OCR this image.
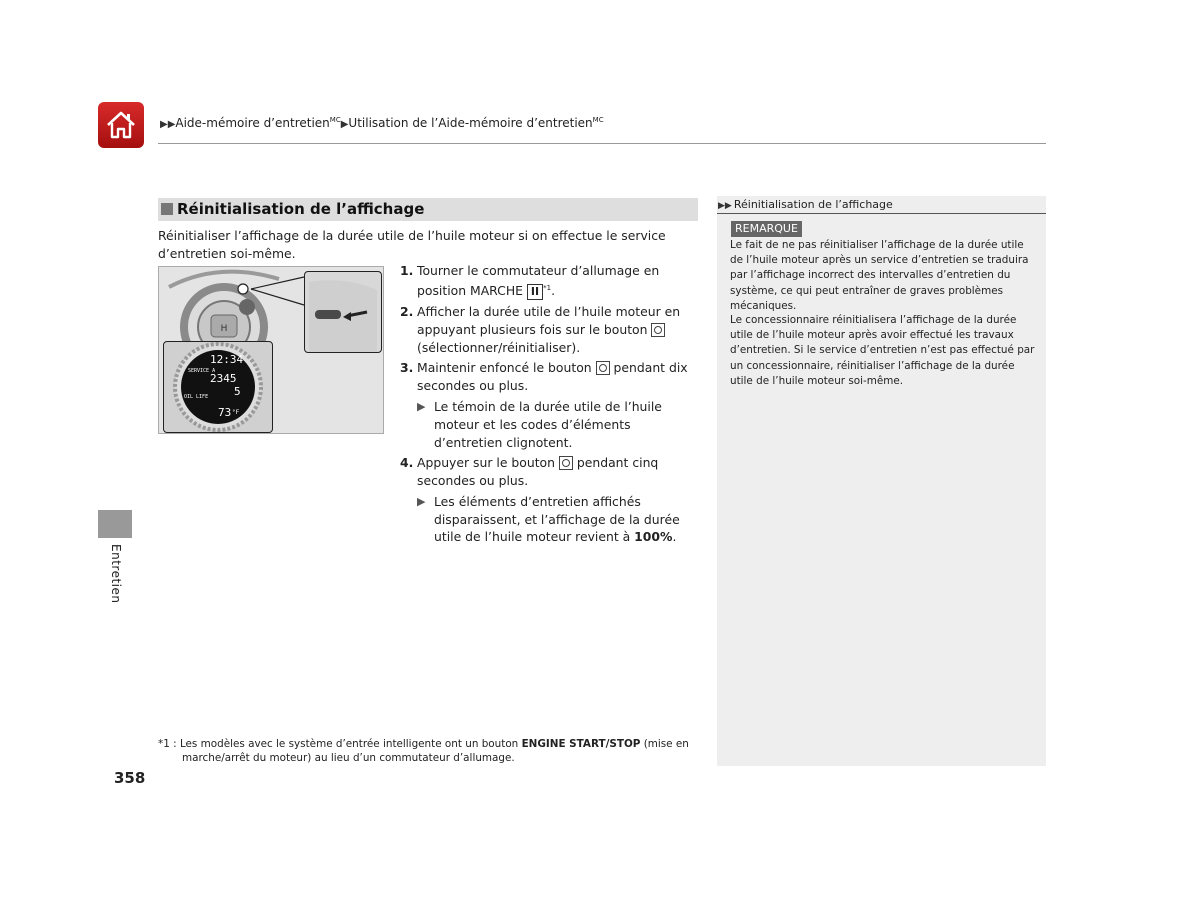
▶▶Aide-mémoire d’entretien$^{MC}$▶Utilisation de l’Aide-mémoire d’entretien$^{MC}$
Entretien
Réinitialisation de l’affichage
Réinitialiser l’affichage de la durée utile de l’huile moteur si on effectue le service d’entretien soi-même.
H
12:34
SERVICE A
2345
5
OIL LIFE
73 °F
1. Tourner le commutateur d’allumage en position MARCHE II $^{*1}$.
2. Afficher la durée utile de l’huile moteur en appuyant plusieurs fois sur le bouton  (sélectionner/réinitialiser).
3. Maintenir enfoncé le bouton  pendant dix secondes ou plus.
▶ Le témoin de la durée utile de l’huile moteur et les codes d’éléments d’entretien clignotent.
4. Appuyer sur le bouton  pendant cinq secondes ou plus.
▶ Les éléments d’entretien affichés disparaissent, et l’affichage de la durée utile de l’huile moteur revient à 100%.
*1 : Les modèles avec le système d’entrée intelligente ont un bouton ENGINE START/STOP (mise en
marche/arrêt du moteur) au lieu d’un commutateur d’allumage.
358
▶▶ Réinitialisation de l’affichage
REMARQUE
Le fait de ne pas réinitialiser l’affichage de la durée utile de l’huile moteur après un service d’entretien se traduira par l’affichage incorrect des intervalles d’entretien du système, ce qui peut entraîner de graves problèmes mécaniques.
Le concessionnaire réinitialisera l’affichage de la durée utile de l’huile moteur après avoir effectué les travaux d’entretien. Si le service d’entretien n’est pas effectué par un concessionnaire, réinitialiser l’affichage de la durée utile de l’huile moteur soi-même.
